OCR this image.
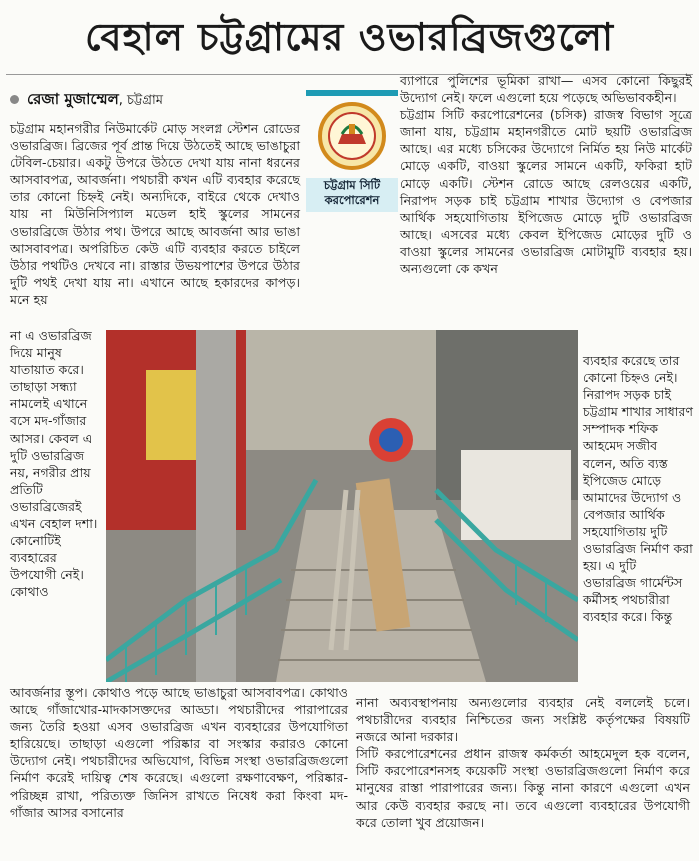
বেহাল চট্টগ্রামের ওভারব্রিজগুলো
রেজা মুজাম্মেল, চট্টগ্রাম

চট্টগ্রাম মহানগরীর নিউমার্কেট মোড় সংলগ্ন স্টেশন রোডের ওভারব্রিজ। ব্রিজের পূর্ব প্রান্ত দিয়ে উঠতেই আছে ভাঙাচুরা টেবিল-চেয়ার। একটু উপরে উঠতে দেখা যায় নানা ধরনের আসবাবপত্র, আবর্জনা। পথচারী কখন এটি ব্যবহার করেছে তার কোনো চিহ্নই নেই। অন্যদিকে, বাইরে থেকে দেখাও যায় না মিউনিসিপ্যাল মডেল হাই স্কুলের সামনের ওভারব্রিজে উঠার পথ। উপরে আছে আবর্জনা আর ভাঙা আসবাবপত্র। অপরিচিত কেউ এটি ব্যবহার করতে চাইলে উঠার পথটিও দেখবে না। রাস্তার উভয়পাশের উপরে উঠার দুটি পথই দেখা যায় না। এখানে আছে হকারদের কাপড়। মনে হয়

চট্টগ্রাম সিটি করপোরেশন

ব্যাপারে পুলিশের ভূমিকা রাখা— এসব কোনো কিছুরই উদ্যোগ নেই। ফলে এগুলো হয়ে পড়েছে অভিভাবকহীন।

চট্টগ্রাম সিটি করপোরেশনের (চসিক) রাজস্ব বিভাগ সূত্রে জানা যায়, চট্টগ্রাম মহানগরীতে মোট ছয়টি ওভারব্রিজ আছে। এর মধ্যে চসিকের উদ্যোগে নির্মিত হয় নিউ মার্কেট মোড়ে একটি, বাওয়া স্কুলের সামনে একটি, ফকিরা হাট মোড়ে একটি। স্টেশন রোডে আছে রেলওয়ের একটি, নিরাপদ সড়ক চাই চট্টগ্রাম শাখার উদ্যোগ ও বেপজার আর্থিক সহযোগিতায় ইপিজেড মোড়ে দুটি ওভারব্রিজ আছে। এসবের মধ্যে কেবল ইপিজেড মোড়ের দুটি ও বাওয়া স্কুলের সামনের ওভারব্রিজ মোটামুটি ব্যবহার হয়। অন্যগুলো কে কখন

না এ ওভারব্রিজ দিয়ে মানুষ যাতায়াত করে। তাছাড়া সন্ধ্যা নামলেই এখানে বসে মদ-গাঁজার আসর। কেবল এ দুটি ওভারব্রিজ নয়, নগরীর প্রায় প্রতিটি ওভারব্রিজেরই এখন বেহাল দশা। কোনোটিই ব্যবহারের উপযোগী নেই। কোথাও
ব্যবহার করেছে তার কোনো চিহ্নও নেই। নিরাপদ সড়ক চাই চট্টগ্রাম শাখার সাধারণ সম্পাদক শফিক আহমেদ সজীব বলেন, অতি ব্যস্ত ইপিজেড মোড়ে আমাদের উদ্যোগ ও বেপজার আর্থিক সহযোগিতায় দুটি ওভারব্রিজ নির্মাণ করা হয়। এ দুটি ওভারব্রিজ গার্মেন্টস কর্মীসহ পথচারীরা ব্যবহার করে। কিন্তু
আবর্জনার স্তূপ। কোথাও পড়ে আছে ভাঙাচুরা আসবাবপত্র। কোথাও আছে গাঁজাখোর-মাদকাসক্তদের আড্ডা। পথচারীদের পারাপারের জন্য তৈরি হওয়া এসব ওভারব্রিজ এখন ব্যবহারের উপযোগিতা হারিয়েছে। তাছাড়া এগুলো পরিষ্কার বা সংস্কার করারও কোনো উদ্যোগ নেই। পথচারীদের অভিযোগ, বিভিন্ন সংস্থা ওভারব্রিজগুলো নির্মাণ করেই দায়িত্ব শেষ করেছে। এগুলো রক্ষণাবেক্ষণ, পরিষ্কার-পরিচ্ছন্ন রাখা, পরিত্যক্ত জিনিস রাখতে নিষেধ করা কিংবা মদ-গাঁজার আসর বসানোর

নানা অব্যবস্থাপনায় অন্যগুলোর ব্যবহার নেই বললেই চলে। পথচারীদের ব্যবহার নিশ্চিতের জন্য সংশ্লিষ্ট কর্তৃপক্ষের বিষয়টি নজরে আনা দরকার।

সিটি করপোরেশনের প্রধান রাজস্ব কর্মকর্তা আহমেদুল হক বলেন, সিটি করপোরেশনসহ কয়েকটি সংস্থা ওভারব্রিজগুলো নির্মাণ করে মানুষের রাস্তা পারাপারের জন্য। কিন্তু নানা কারণে এগুলো এখন আর কেউ ব্যবহার করছে না। তবে এগুলো ব্যবহারের উপযোগী করে তোলা খুব প্রয়োজন।
